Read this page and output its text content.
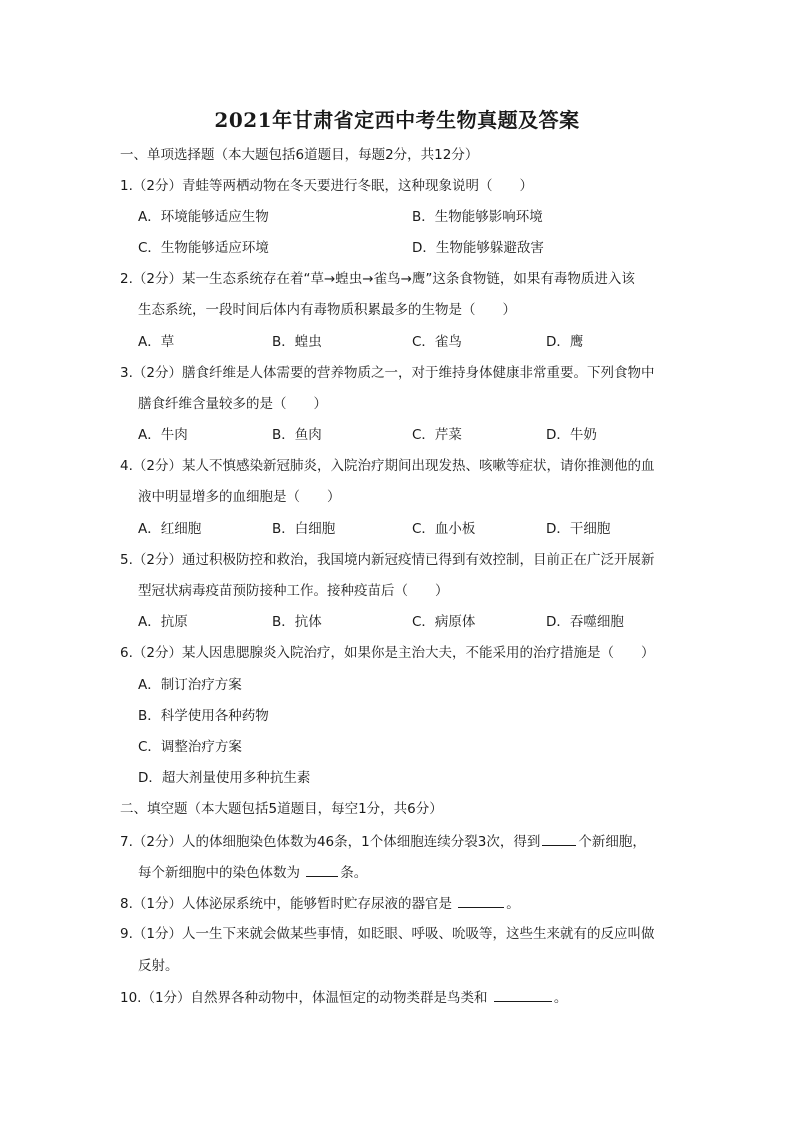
2021年甘肃省定西中考生物真题及答案
一、单项选择题（本大题包括6道题目，每题2分，共12分）
1.（2分）青蛙等两栖动物在冬天要进行冬眠，这种现象说明（　　）
A．环境能够适应生物	B．生物能够影响环境
C．生物能够适应环境	D．生物能够躲避敌害
2.（2分）某一生态系统存在着“草→蝗虫→雀鸟→鹰”这条食物链，如果有毒物质进入该
生态系统，一段时间后体内有毒物质积累最多的生物是（　　）
A．草	B．蝗虫	C．雀鸟	D．鹰
3.（2分）膳食纤维是人体需要的营养物质之一，对于维持身体健康非常重要。下列食物中
膳食纤维含量较多的是（　　）
A．牛肉	B．鱼肉	C．芹菜	D．牛奶
4.（2分）某人不慎感染新冠肺炎，入院治疗期间出现发热、咳嗽等症状，请你推测他的血
液中明显增多的血细胞是（　　）
A．红细胞	B．白细胞	C．血小板	D．干细胞
5.（2分）通过积极防控和救治，我国境内新冠疫情已得到有效控制，目前正在广泛开展新
型冠状病毒疫苗预防接种工作。接种疫苗后（　　）
A．抗原	B．抗体	C．病原体	D．吞噬细胞
6.（2分）某人因患腮腺炎入院治疗，如果你是主治大夫，不能采用的治疗措施是（　　）
A．制订治疗方案
B．科学使用各种药物
C．调整治疗方案
D．超大剂量使用多种抗生素
二、填空题（本大题包括5道题目，每空1分，共6分）
7.（2分）人的体细胞染色体数为46条，1个体细胞连续分裂3次，得到	个新细胞，
每个新细胞中的染色体数为	条。
8.（1分）人体泌尿系统中，能够暂时贮存尿液的器官是	。
9.（1分）人一生下来就会做某些事情，如眨眼、呼吸、吮吸等，这些生来就有的反应叫做
反射。
10.（1分）自然界各种动物中，体温恒定的动物类群是鸟类和	。
